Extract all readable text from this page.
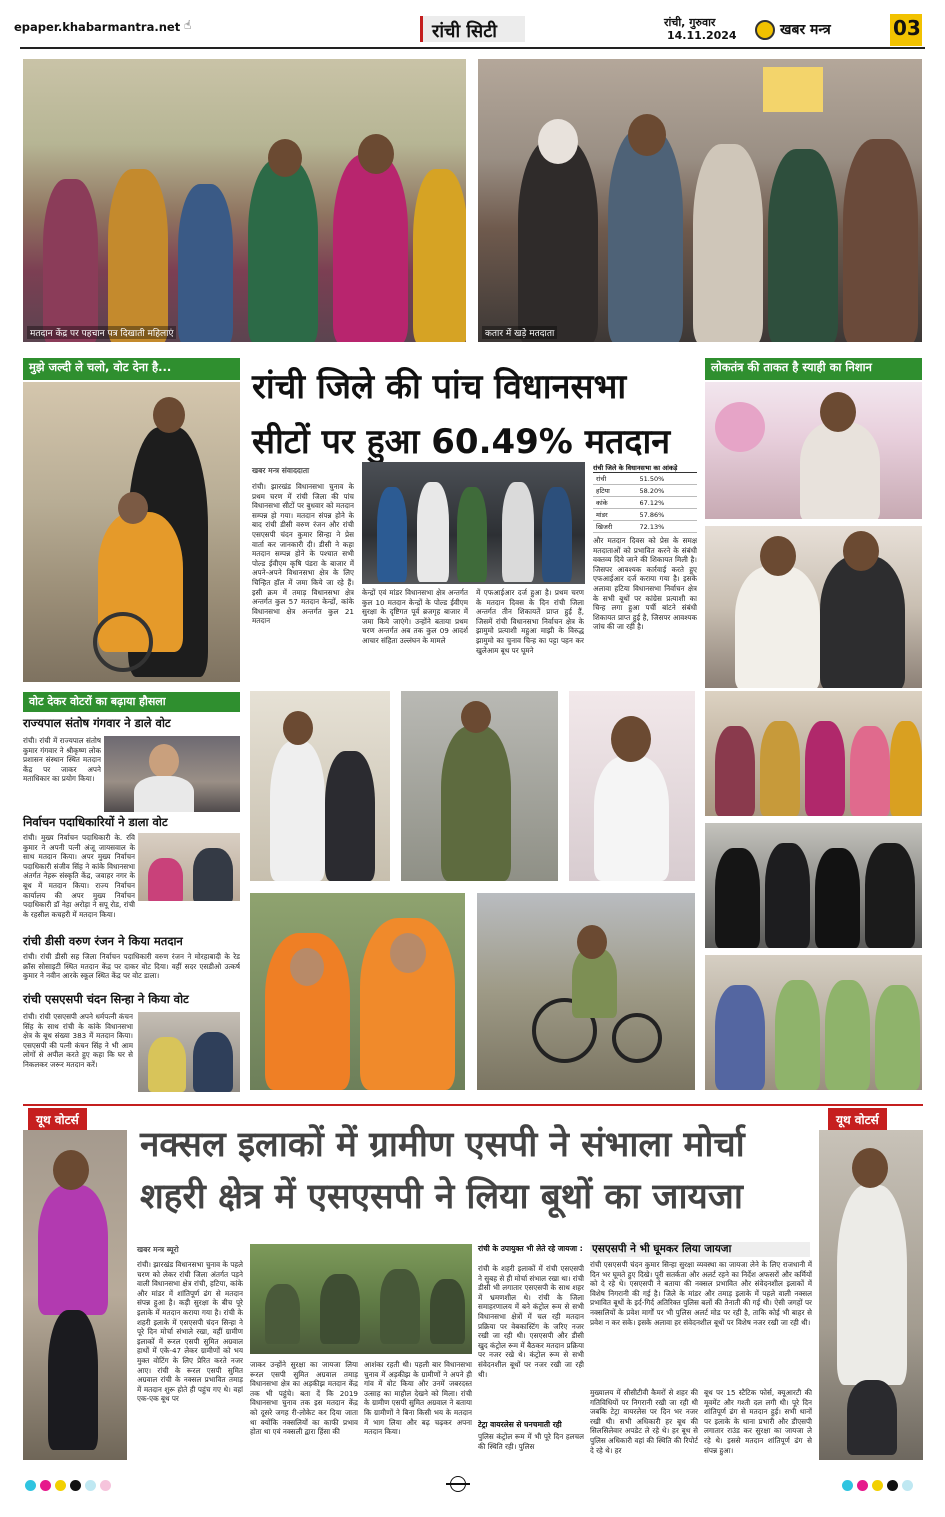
epaper.khabarmantra.net ☝	रांची सिटी	रांची, गुरुवार
14.11.2024	खबर मन्त्र	03
मतदान केंद्र पर पहचान पत्र दिखाती महिलाएं	कतार में खड़े मतदाता
मुझे जल्दी ले चलो, वोट देना है...	रांची जिले की पांच विधानसभा
सीटों पर हुआ 60.49% मतदान
लोकतंत्र की ताकत है स्याही का निशान
खबर मन्त्र संवाददाता
रांची। झारखंड विधानसभा चुनाव के प्रथम चरण में रांची जिला की पांच विधानसभा सीटों पर बुधवार को मतदान सम्पन्न हो गया। मतदान संपन्न होने के बाद रांची डीसी वरुण रंजन और रांची एसएसपी चंदन कुमार सिन्हा ने प्रेस वार्ता कर जानकारी दी। डीसी ने कहा मतदान सम्पन्न होने के पश्चात सभी पोल्ड ईवीएम कृषि पंडरा के बाजार में अपने-अपने विधानसभा क्षेत्र के लिए चिन्हित हॉल में जमा किये जा रहे हैं। इसी क्रम में तमाड़ विधानसभा क्षेत्र अन्तर्गत कुल 57 मतदान केन्द्रों, कांके विधानसभा क्षेत्र अन्तर्गत कुल 21 मतदान
केन्द्रों एवं मांडर विधानसभा क्षेत्र अन्तर्गत कुल 10 मतदान केन्द्रों के पोल्ड ईवीएम सुरक्षा के दृष्टिगत पूर्व ब्रजगृह बाजार में जमा किये जाएंगे। उन्होंने बताया प्रथम चरण अन्तर्गत अब तक कुल 09 आदर्श आचार संहिता उल्लंघन के मामले
में एफआईआर दर्ज हुआ है। प्रथम चरण के मतदान दिवस के दिन रांची जिला अन्तर्गत तीन शिकायतें प्राप्त हुई हैं, जिसमें रांची विधानसभा निर्वाचन क्षेत्र के झामुमो प्रत्याशी महुआ माझी के विरुद्ध झामुमो का चुनाव चिन्ह का पट्टा पहन कर खुलेआम बूथ पर घूमने
रांची जिले के विधानसभा का आंकड़े
रांची	51.50%
हटिया	58.20%
कांके	67.12%
मांडर	57.86%
खिजरी	72.13%
और मतदान दिवस को प्रेस के समक्ष मतदाताओं को प्रभावित करने के संबंधी वक्तव्य दिये जाने की शिकायत मिली है। जिसपर आवश्यक कार्रवाई करते हुए एफआईआर दर्ज कराया गया है। इसके अलावा हटिया विधानसभा निर्वाचन क्षेत्र के सभी बूथों पर कांग्रेस प्रत्याशी का चिन्ह लगा हुआ पर्ची बांटने संबंधी शिकायत प्राप्त हुई है, जिसपर आवश्यक जांच की जा रही है।
वोट देकर वोटरों का बढ़ाया हौसला
राज्यपाल संतोष गंगवार ने डाले वोट
रांची। रांची में राज्यपाल संतोष कुमार गंगवार ने श्रीकृष्ण लोक प्रशासन संस्थान स्थित मतदान केंद्र पर जाकर अपने मताधिकार का प्रयोग किया।
निर्वाचन पदाधिकारियों ने डाला वोट
रांची। मुख्य निर्वाचन पदाधिकारी के. रवि कुमार ने अपनी पत्नी अंजू जायसवाल के साथ मतदान किया। अपर मुख्य निर्वाचन पदाधिकारी संजीव सिंह ने कांके विधानसभा अंतर्गत नेहरू संस्कृति केंद्र, जवाहर नगर के बूथ में मतदान किया। राज्य निर्वाचन कार्यालय की अपर मुख्य निर्वाचन पदाधिकारी डॉ नेहा अरोड़ा ने सपू रोड, रांची के रहसील कचहरी में मतदान किया।
रांची डीसी वरुण रंजन ने किया मतदान
रांची। रांची डीसी सह जिला निर्वाचन पदाधिकारी वरुण रंजन ने मोरहाबादी के रेड क्रॉस सोसाइटी स्थित मतदान केंद्र पर दाकर वोट दिया। वहीं सदर एसडीओ उत्कर्ष कुमार ने नवीन आरके स्कूल स्थित केंद्र पर वोट डाला।
रांची एसएसपी चंदन सिन्हा ने किया वोट
रांची। रांची एसएसपी अपने धर्मपत्नी कंचन सिंह के साथ रांची के कांके विधानसभा क्षेत्र के बूथ संख्या 383 में मतदान किया। एसएसपी की पत्नी कंचन सिंह ने भी आम लोगों से अपील करते हुए कहा कि घर से निकलकर जरूर मतदान करें।
यूथ वोटर्स	यूथ वोटर्स
नक्सल इलाकों में ग्रामीण एसपी ने संभाला मोर्चा
शहरी क्षेत्र में एसएसपी ने लिया बूथों का जायजा
खबर मन्त्र ब्यूरो
रांची। झारखंड विधानसभा चुनाव के पहले चरण को लेकर रांची जिला अंतर्गत पड़ने वाली विधानसभा क्षेत्र रांची, हटिया, कांके और मांडर में शांतिपूर्ण ढंग से मतदान संपन्न हुआ है। कड़ी सुरक्षा के बीच पूरे इलाके में मतदान कराया गया है। रांची के शहरी इलाके में एसएसपी चंदन सिन्हा ने पूरे दिन मोर्चा संभाले रखा, वहीं ग्रामीण इलाकों में रूरल एसपी सुमित अग्रवाल हाथों में एके-47 लेकर ग्रामीणों को भय मुक्त वोटिंग के लिए प्रेरित करते नजर आए। रांची के रूरल एसपी सुमित अग्रवाल रांची के नक्सल प्रभावित तमाड़ में मतदान शुरू होते ही पहुंच गए थे। वहां एक-एक बूथ पर
जाकर उन्होंने सुरक्षा का जायजा लिया रूरल एसपी सुमित अग्रवाल तमाड़ विधानसभा क्षेत्र का अड़कीझ मतदान केंद्र तक भी पहुंचे। बता दें कि 2019 विधानसभा चुनाव तक इस मतदान केंद्र को दूसरे जगह री-लोकेट कर दिया जाता था क्योंकि नक्सलियों का काफी प्रभाव होता था एवं नक्सली द्वारा हिंसा की
आशंका रहती थी। पहली बार विधानसभा चुनाव में अड़कीझ के ग्रामीणों ने अपने ही गांव में वोट किया और उनमें जबरदस्त उत्साह का माहौल देखने को मिला। रांची के ग्रामीण एसपी सुमित अग्रवाल ने बताया कि ग्रामीणों ने बिना किसी भय के मतदान में भाग लिया और बढ़ चढ़कर अपना मतदान किया।
रांची के उपायुक्त भी लेते रहे जायजा :
रांची के शहरी इलाकों में रांची एसएसपी ने सुबह से ही मोर्चा संभाल रखा था। रांची डीसी भी लगातार एसएसपी के साथ शहर में भ्रमणशील थे। रांची के जिला समाहरणालय में बने कंट्रोल रूम से सभी विधानसभा क्षेत्रों में चल रही मतदान प्रक्रिया पर वेबकास्टिंग के जरिए नजर रखी जा रही थी। एसएसपी और डीसी खुद कंट्रोल रूम में बैठकर मतदान प्रक्रिया पर नजर रखे थे। कंट्रोल रूम से सभी संवेदनशील बूथों पर नजर रखी जा रही थी।
टेट्रा वायरलेस से घनचमाती रही
पुलिस कंट्रोल रूम में भी पूरे दिन हलचल की स्थिति रही। पुलिस
एसएसपी ने भी घूमकर लिया जायजा
रांची एसएसपी चंदन कुमार सिन्हा सुरक्षा व्यवस्था का जायजा लेने के लिए राजधानी में दिन भर घूमते हुए दिखे। पूरी सतर्कता और अलर्ट रहने का निर्देश अफसरों और कर्मियों को दे रहे थे। एसएसपी ने बताया की नक्सल प्रभावित और संवेदनशील इलाकों में विशेष निगरानी की गई है। जिले के मांडर और तमाड़ इलाके में पहले वाली नक्सल प्रभावित बूथों के इर्द-गिर्द अतिरिक्त पुलिस बलों की तैनाती की गई थी। ऐसी जगहों पर नक्सलियों के प्रवेश मार्गों पर भी पुलिस अलर्ट मोड पर रही है, ताकि कोई भी बाहर से प्रवेश न कर सके। इसके अलावा हर संवेदनशील बूथों पर विशेष नजर रखी जा रही थी।
मुख्यालय में सीसीटीवी कैमरों से शहर की गतिविधियों पर निगरानी रखी जा रही थी जबकि टेट्रा वायरलेस पर दिन भर नजर रखी थी। सभी अधिकारी हर बूथ की सिलसिलेवार अपडेट ले रहे थे। हर बूथ से पुलिस अधिकारी वहां की स्थिति की रिपोर्ट दे रहे थे। हर
बूथ पर 15 स्टैटिक फोर्स, क्यूआरटी की मूवमेंट और गश्ती दल लगी थी। पूरे दिन शांतिपूर्ण ढंग से मतदान हुई। सभी थानों पर इलाके के थाना प्रभारी और डीएसपी लगातार राउंड कर सुरक्षा का जायजा ले रहे थे। इससे मतदान शांतिपूर्ण ढंग से संपन्न हुआ।
